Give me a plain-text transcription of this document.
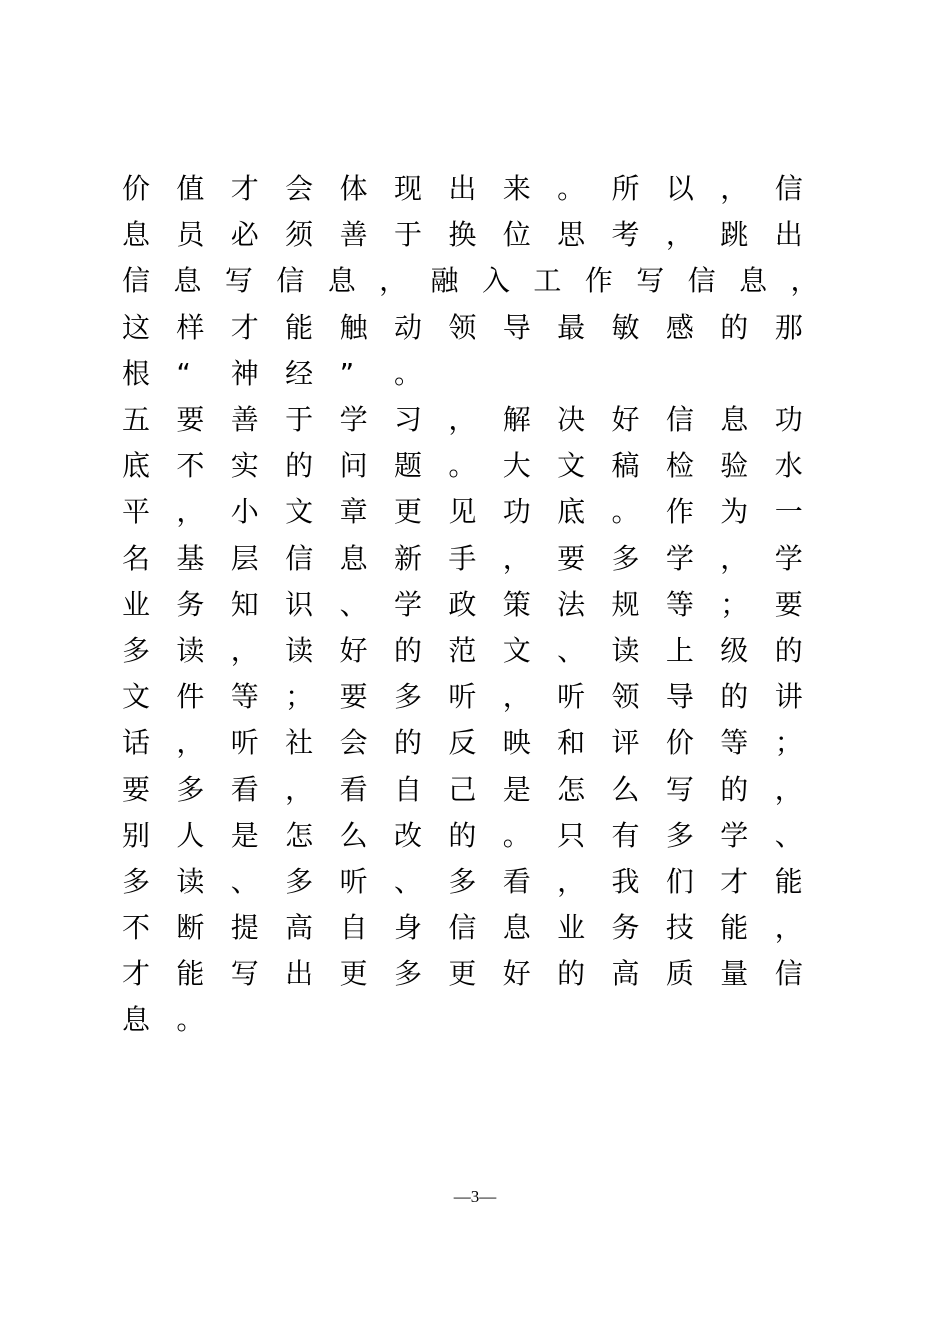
价 值 才 会 体 现 出 来 。 所 以 ， 信
息 员 必 须 善 于 换 位 思 考 ， 跳 出
信 息 写 信 息 ， 融 入 工 作 写 信 息 ，
这 样 才 能 触 动 领 导 最 敏 感 的 那
根 “	神 经 ”	。
五 要 善 于 学 习 ， 解 决 好 信 息 功
底 不 实 的 问 题 。 大 文 稿 检 验 水
平 ， 小 文 章 更 见 功 底 。 作 为 一
名 基 层 信 息 新 手 ， 要 多 学 ， 学
业 务 知 识 、 学 政 策 法 规 等 ； 要
多 读 ， 读 好 的 范 文 、 读 上 级 的
文 件 等 ； 要 多 听 ， 听 领 导 的 讲
话 ， 听 社 会 的 反 映 和 评 价 等 ；
要 多 看 ， 看 自 己 是 怎 么 写 的 ，
别 人 是 怎 么 改 的 。 只 有 多 学 、
多 读 、 多 听 、 多 看 ， 我 们 才 能
不 断 提 高 自 身 信 息 业 务 技 能 ，
才 能 写 出 更 多 更 好 的 高 质 量 信
息 。
—3—
